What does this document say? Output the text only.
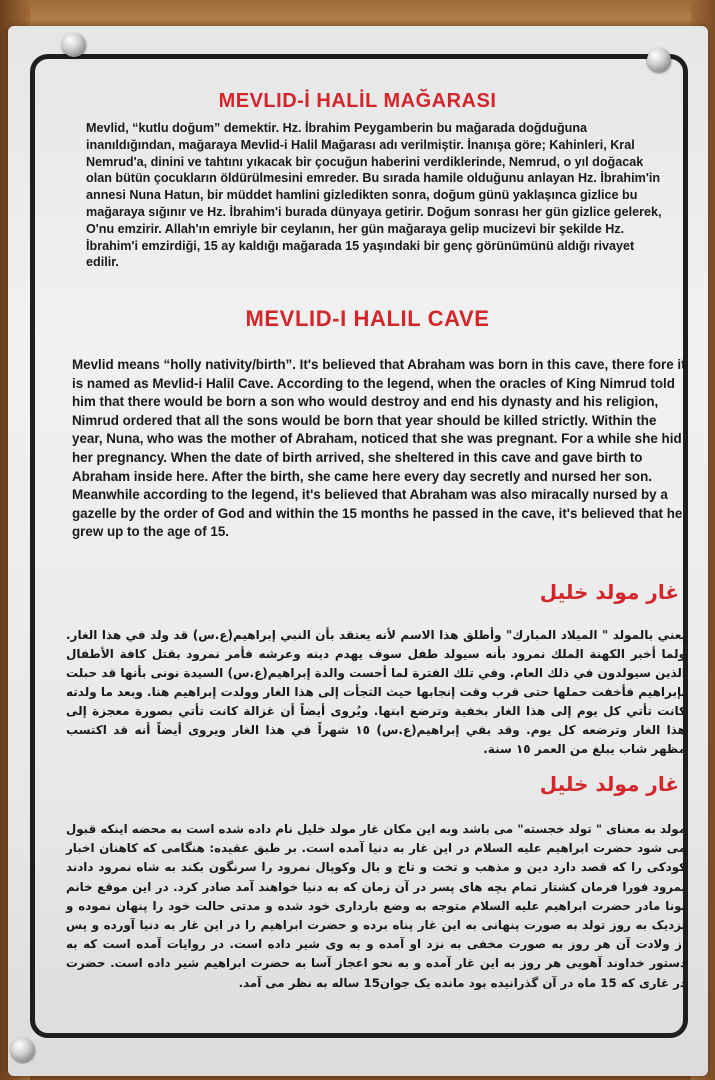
MEVLID-İ HALİL MAĞARASI

Mevlid, “kutlu doğum” demektir. Hz. İbrahim Peygamberin bu mağarada doğduğuna inanıldığından, mağaraya Mevlid-i Halil Mağarası adı verilmiştir. İnanışa göre; Kahinleri, Kral Nemrud'a, dinini ve tahtını yıkacak bir çocuğun haberini verdiklerinde, Nemrud, o yıl doğacak olan bütün çocukların öldürülmesini emreder. Bu sırada hamile olduğunu anlayan Hz. İbrahim'in annesi Nuna Hatun, bir müddet hamlini gizledikten sonra, doğum günü yaklaşınca gizlice bu mağaraya sığınır ve Hz. İbrahim'i burada dünyaya getirir. Doğum sonrası her gün gizlice gelerek, O'nu emzirir. Allah'ın emriyle bir ceylanın, her gün mağaraya gelip mucizevi bir şekilde Hz. İbrahim'i emzirdiği, 15 ay kaldığı mağarada 15 yaşındaki bir genç görünümünü aldığı rivayet edilir.

MEVLID-I HALIL CAVE

Mevlid means “holly nativity/birth”. It's believed that Abraham was born in this cave, there fore it is named as Mevlid-i Halil Cave. According to the legend, when the oracles of King Nimrud told him that there would be born a son who would destroy and end his dynasty and his religion, Nimrud ordered that all the sons would be born that year should be killed strictly. Within the year, Nuna, who was the mother of Abraham, noticed that she was pregnant. For a while she hid her pregnancy. When the date of birth arrived, she sheltered in this cave and gave birth to Abraham inside here. After the birth, she came here every day secretly and nursed her son. Meanwhile according to the legend, it's believed that Abraham was also miracally nursed by a gazelle by the order of God and within the 15 months he passed in the cave, it's believed that he grew up to the age of 15.

غار مولد خليل

يعني بالمولد " الميلاد المبارك" وأطلق هذا الاسم لأنه يعتقد بأن النبي إبراهيم(ع.س) قد ولد في هذا الغار. ولما أخبر الكهنة الملك نمرود بأنه سيولد طفل سوف يهدم دينه وعرشه فأمر نمرود بقتل كافة الأطفال الذين سيولدون في ذلك العام. وفي تلك الفترة لما أحست والدة إبراهيم(ع.س) السيدة نونى بأنها قد حبلت بإبراهيم فأخفت حملها حتى قرب وقت إنجابها حيث التجأت إلى هذا الغار وولدت إبراهيم هنا. وبعد ما ولدته كانت تأتي كل يوم إلى هذا الغار بخفية وترضع ابنها. ويُروى أيضاً أن غزالة كانت تأتي بصورة معجزة إلى هذا الغار وترضعه كل يوم. وقد بقي إبراهيم(ع.س) ١٥ شهراً في هذا الغار ويروى أيضاً أنه قد اكتسب مظهر شاب يبلغ من العمر ١٥ سنة.

غار مولد خليل

مولد به معنای " تولد خجسته" می باشد وبه این مکان غار مولد خلیل نام داده شده است به محضه اینکه قبول می شود حضرت ابراهیم علیه السلام در این غار به دنیا آمده است. بر طبق عقیده: هنگامی که کاهنان اخبار کودکی را که قصد دارد دین و مذهب و تخت و تاج و بال وکوپال نمرود را سرنگون بکند به شاه نمرود دادند نمرود فورا فرمان کشتار تمام بچه های پسر در آن زمان که به دنیا خواهند آمد صادر کرد. در این موقع خانم نونا مادر حضرت ابراهیم علیه السلام متوجه به وضع بارداری خود شده و مدتی حالت خود را پنهان نموده و نزدیک به روز تولد به صورت پنهانی به این غار پناه برده و حضرت ابراهیم را در این غار به دنیا آورده و پس از ولادت آن هر روز به صورت مخفی به نزد او آمده و به وی شیر داده است. در روایات آمده است که به دستور خداوند آهویی هر روز به این غار آمده و به نحو اعجاز آسا به حضرت ابراهیم شیر داده است. حضرت در غاری که 15 ماه در آن گذرانیده بود مانده یک جوان15 ساله به نظر می آمد.
